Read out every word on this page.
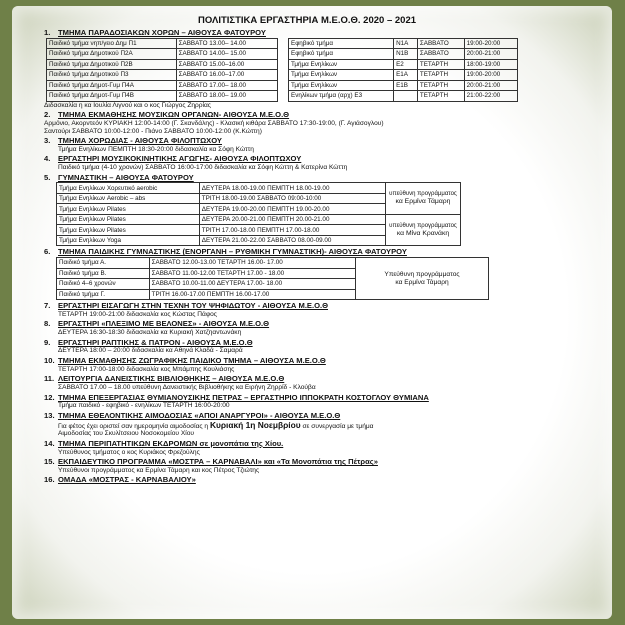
ΠΟΛΙΤΙΣΤΙΚΑ ΕΡΓΑΣΤΗΡΙΑ Μ.Ε.Ο.Θ. 2020 – 2021
1.	ΤΜΗΜΑ ΠΑΡΑΔΟΣΙΑΚΩΝ ΧΟΡΩΝ – ΑΙΘΟΥΣΑ ΦΑΤΟΥΡΟΥ
Παιδικό τμήμα νηπ/γειο Δημ Π1	ΣΑΒΒΑΤΟ 13.00– 14.00
Παιδικό τμήμα Δημοτικού Π2Α	ΣΑΒΒΑΤΟ 14.00– 15.00
Παιδικό τμήμα Δημοτικού Π2Β	ΣΑΒΒΑΤΟ 15.00–16.00
Παιδικό τμήμα Δημοτικού Π3	ΣΑΒΒΑΤΟ 16.00–17.00
Παιδικό τμήμα Δημοτ-Γυμ Π4Α	ΣΑΒΒΑΤΟ 17.00– 18.00
Παιδικό τμήμα Δημοτ-Γυμ Π4Β	ΣΑΒΒΑΤΟ 18.00– 19.00
Εφηβικό τμήμα	Ν1Α	ΣΑΒΒΑΤΟ	19:00-20:00
Εφηβικό τμήμα	Ν1Β	ΣΑΒΒΑΤΟ	20:00-21:00
Τμήμα Ενηλίκων	Ε2	ΤΕΤΑΡΤΗ	18:00-19:00
Τμήμα Ενηλίκων	Ε1Α	ΤΕΤΑΡΤΗ	19:00-20:00
Τμήμα Ενηλίκων	Ε1Β	ΤΕΤΑΡΤΗ	20:00-21:00
Ενηλίκων τμήμα (αρχ) Ε3		ΤΕΤΑΡΤΗ	21:00-22:00
Διδασκαλία η κα Ιουλία Λιγνού και ο κος Γιώργος Ζηρρίας
2.	ΤΜΗΜΑ ΕΚΜΑΘΗΣΗΣ ΜΟΥΣΙΚΩΝ ΟΡΓΑΝΩΝ- ΑΙΘΟΥΣΑ Μ.Ε.Ο.Θ
Αρμόνιο, Ακορντεόν ΚΥΡΙΑΚΗ 12:00-14:00 (Γ. Σκανδάλης) - Κλασική κιθάρα ΣΑΒΒΑΤΟ 17:30-19:00, (Γ. Αγιάσογλου)
Σαντούρι ΣΑΒΒΑΤΟ 10:00-12:00 - Πιάνο ΣΑΒΒΑΤΟ 10:00-12:00 (Κ.Κώττη)
3.	ΤΜΗΜΑ ΧΟΡΩΔΙΑΣ - ΑΙΘΟΥΣΑ ΦΙΛΟΠΤΩΧΟΥ
Τμήμα Ενηλίκων ΠΕΜΠΤΗ 18:30-20:00 διδασκαλία κα Σόφη Κώττη
4.	ΕΡΓΑΣΤΗΡΙ ΜΟΥΣΙΚΟΚΙΝΗΤΙΚΗΣ ΑΓΩΓΗΣ- ΑΙΘΟΥΣΑ ΦΙΛΟΠΤΩΧΟΥ
Παιδικό τμήμα (4-10 χρονών) ΣΑΒΒΑΤΟ 16:00-17:00 διδασκαλία κα Σόφη Κώττη & Κατερίνα Κώττη
5.	ΓΥΜΝΑΣΤΙΚΗ – ΑΙΘΟΥΣΑ ΦΑΤΟΥΡΟΥ
Τμήμα Ενηλίκων Χορευτικό aerobic	ΔΕΥΤΕΡΑ 18.00-19.00 ΠΕΜΠΤΗ 18.00-19.00
Τμήμα Ενηλίκων Aerobic – abs	ΤΡΙΤΗ 18.00-19.00 ΣΑΒΒΑΤΟ 09:00-10:00
Τμήμα Ενηλίκων Pilates	ΔΕΥΤΕΡΑ 19.00-20.00 ΠΕΜΠΤΗ 19.00-20.00
Τμήμα Ενηλίκων Pilates	ΔΕΥΤΕΡΑ 20.00-21.00 ΠΕΜΠΤΗ 20.00-21.00
Τμήμα Ενηλίκων Pilates	ΤΡΙΤΗ 17.00-18.00 ΠΕΜΠΤΗ 17.00-18.00
Τμήμα Ενηλίκων Yoga	ΔΕΥΤΕΡΑ 21.00-22.00 ΣΑΒΒΑΤΟ 08.00-09.00
υπεύθυνη προγράμματος
κα Ερμίνα Τάμαρη
υπεύθυνη προγράμματος
κα Μίνα Κρανάκη
6.	ΤΜΗΜΑ ΠΑΙΔΙΚΗΣ ΓΥΜΝΑΣΤΙΚΗΣ (ΕΝΟΡΓΑΝΗ – ΡΥΘΜΙΚΗ ΓΥΜΝΑΣΤΙΚΗ)- ΑΙΘΟΥΣΑ ΦΑΤΟΥΡΟΥ
Παιδικό τμήμα Α.	ΣΑΒΒΑΤΟ 12.00-13.00 ΤΕΤΑΡΤΗ 16.00- 17.00
Παιδικό τμήμα Β.	ΣΑΒΒΑΤΟ 11.00-12.00 ΤΕΤΑΡΤΗ 17.00 - 18.00
Παιδικό 4–6 χρονών	ΣΑΒΒΑΤΟ 10.00-11.00 ΔΕΥΤΕΡΑ 17.00- 18.00
Παιδικό τμήμα Γ.	ΤΡΙΤΗ 16.00-17.00 ΠΕΜΠΤΗ 16.00-17.00
Υπεύθυνη προγράμματος
κα Ερμίνα Τάμαρη
7.	ΕΡΓΑΣΤΗΡΙ ΕΙΣΑΓΩΓΗ ΣΤΗΝ ΤΕΧΝΗ ΤΟΥ ΨΗΦΙΔΩΤΟΥ - ΑΙΘΟΥΣΑ Μ.Ε.Ο.Θ
ΤΕΤΑΡΤΗ 19:00-21:00 διδασκαλία κος Κώστας Πάφος
8.	ΕΡΓΑΣΤΗΡΙ «ΠΛΕΞΙΜΟ ΜΕ ΒΕΛΟΝΕΣ» - ΑΙΘΟΥΣΑ Μ.Ε.Ο.Θ
ΔΕΥΤΕΡΑ 16:30-18:30 διδασκαλία κα Κυριακή Χατζηαντωνάκη
9.	ΕΡΓΑΣΤΗΡΙ ΡΑΠΤΙΚΗΣ & ΠΑΤΡΟΝ - ΑΙΘΟΥΣΑ Μ.Ε.Ο.Θ
ΔΕΥΤΕΡΑ 18:00 – 20:00 διδασκαλία κα Αθηνά Κλαδά - Σαμαρά
10. ΤΜΗΜΑ ΕΚΜΑΘΗΣΗΣ ΖΩΓΡΑΦΙΚΗΣ ΠΑΙΔΙΚΟ ΤΜΗΜΑ – ΑΙΘΟΥΣΑ Μ.Ε.Ο.Θ
ΤΕΤΑΡΤΗ 17:00-18:00 διδασκαλία κος Μπάμπης Κουλιάσης
11. ΛΕΙΤΟΥΡΓΙΑ ΔΑΝΕΙΣΤΙΚΗΣ ΒΙΒΛΙΟΘΗΚΗΣ – ΑΙΘΟΥΣΑ Μ.Ε.Ο.Θ
ΣΑΒΒΑΤΟ 17.00 – 18.00 υπεύθυνη Δανειστικής Βιβλιοθήκης κα Ειρήνη Ζηρρίδ - Κλούβα
12. ΤΜΗΜΑ ΕΠΕΞΕΡΓΑΣΙΑΣ ΘΥΜΙΑΝΟΥΣΙΚΗΣ ΠΕΤΡΑΣ – ΕΡΓΑΣΤΗΡΙΟ ΙΠΠΟΚΡΑΤΗ ΚΟΣΤΟΓΛΟΥ ΘΥΜΙΑΝΑ
Τμήμα παιδικό - εφηβικό - ενηλίκων ΤΕΤΑΡΤΗ 16:00-20:00
13. ΤΜΗΜΑ ΕΘΕΛΟΝΤΙΚΗΣ ΑΙΜΟΔΟΣΙΑΣ «ΑΠΟΙ ΑΝΑΡΓΥΡΟΙ» - ΑΙΘΟΥΣΑ Μ.Ε.Ο.Θ
Για φέτος έχει οριστεί σαν ημερομηνία αιμοδοσίας η Κυριακή 1η Νοεμβρίου σε συνεργασία με τμήμα
Αιμοδοσίας του Σκυλίτσειου Νοσοκομείου Χίου
14. ΤΜΗΜΑ ΠΕΡΙΠΑΤΗΤΙΚΩΝ ΕΚΔΡΟΜΩΝ σε μονοπάτια της Χίου.
Υπεύθυνος τμήματος ο κος Κυριάκος Φρεζούλης
15. ΕΚΠΑΙΔΕΥΤΙΚΟ ΠΡΟΓΡΑΜΜΑ «ΜΟΣΤΡΑ – ΚΑΡΝΑΒΑΛΙ» και «Τα Μονοπάτια της Πέτρας»
Υπεύθυνοι προγράμματος κα Ερμίνα Τάμαρη και κος Πέτρος Τζιώτης
16. ΟΜΑΔΑ «ΜΟΣΤΡΑΣ - ΚΑΡΝΑΒΑΛΙΟΥ»
